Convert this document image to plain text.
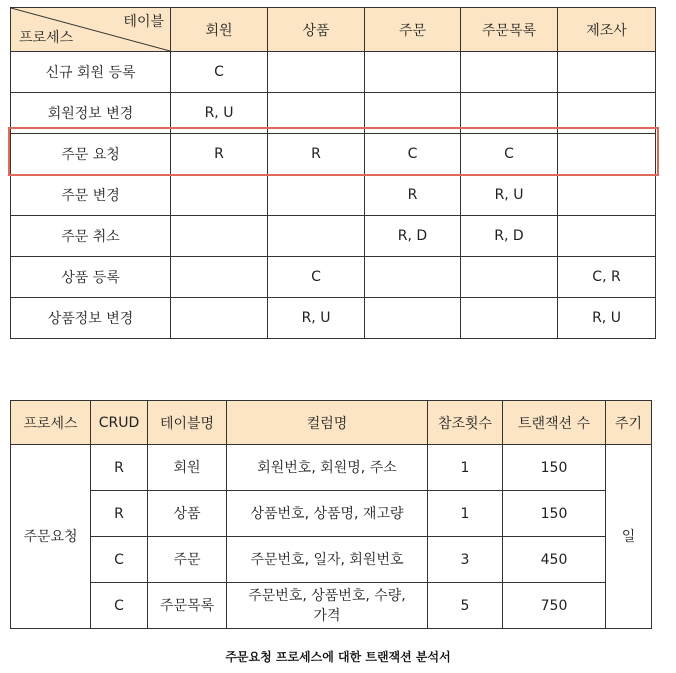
테이블
프로세스	회원	상품	주문	주문목록	제조사
신규 회원 등록	C				
회원정보 변경	R, U				
주문 요청	R	R	C	C	
주문 변경			R	R, U	
주문 취소			R, D	R, D	
상품 등록		C			C, R
상품정보 변경		R, U			R, U
프로세스	CRUD	테이블명	컬럼명	참조횟수	트랜잭션 수	주기
주문요청	R	회원	회원번호, 회원명, 주소	1	150	일
	R	상품	상품번호, 상품명, 재고량	1	150	
	C	주문	주문번호, 일자, 회원번호	3	450	
	C	주문목록	주문번호, 상품번호, 수량,
가격	5	750	
주문요청 프로세스에 대한 트랜잭션 분석서
